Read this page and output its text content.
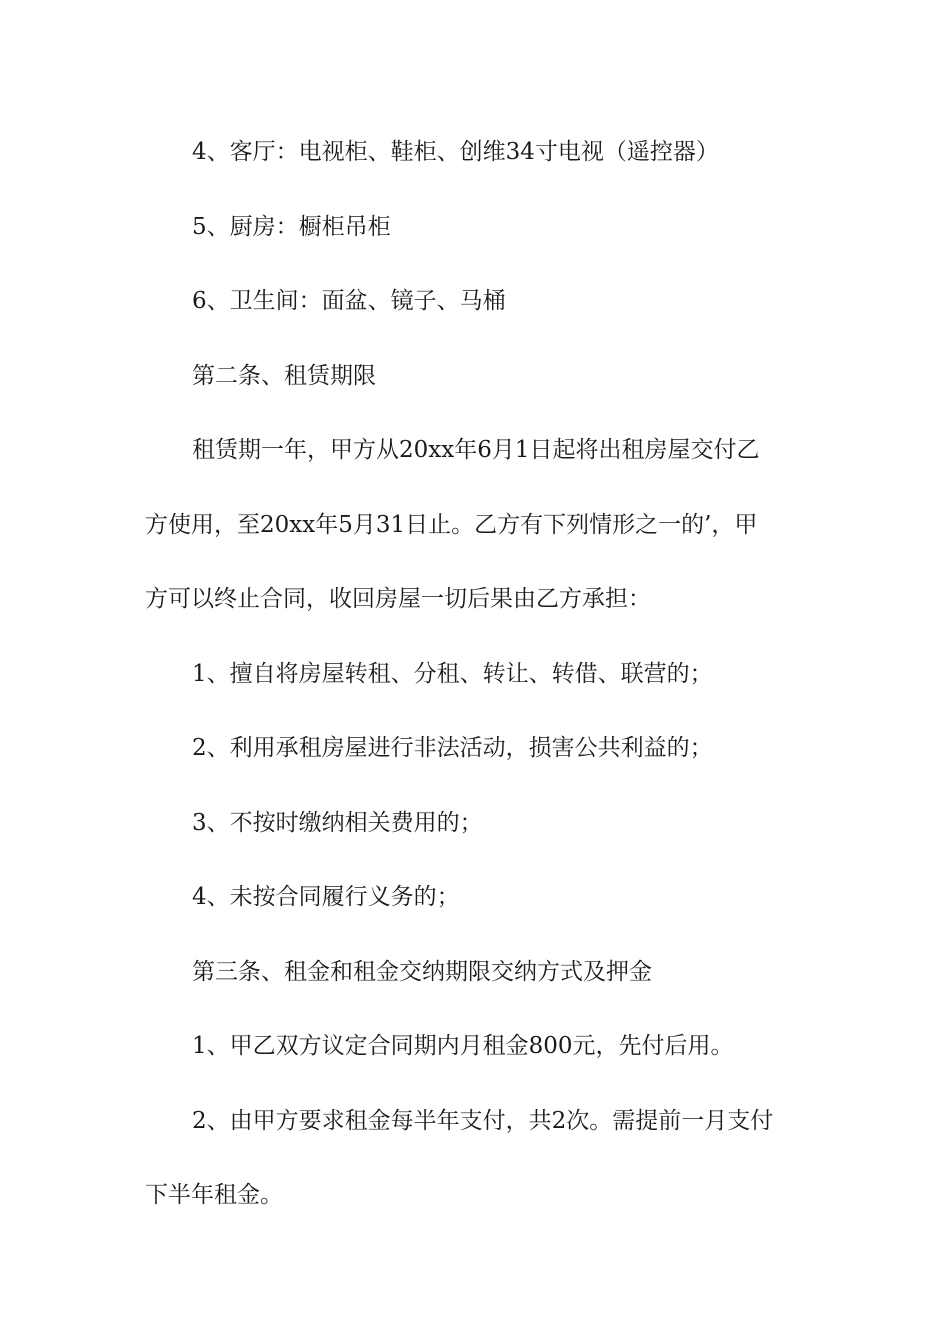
4、客厅：电视柜、鞋柜、创维34寸电视（遥控器）
5、厨房：橱柜吊柜
6、卫生间：面盆、镜子、马桶
第二条、租赁期限
租赁期一年，甲方从20xx年6月1日起将出租房屋交付乙
方使用，至20xx年5月31日止。乙方有下列情形之一的’，甲
方可以终止合同，收回房屋一切后果由乙方承担：
1、擅自将房屋转租、分租、转让、转借、联营的；
2、利用承租房屋进行非法活动，损害公共利益的；
3、不按时缴纳相关费用的；
4、未按合同履行义务的；
第三条、租金和租金交纳期限交纳方式及押金
1、甲乙双方议定合同期内月租金800元，先付后用。
2、由甲方要求租金每半年支付，共2次。需提前一月支付
下半年租金。
